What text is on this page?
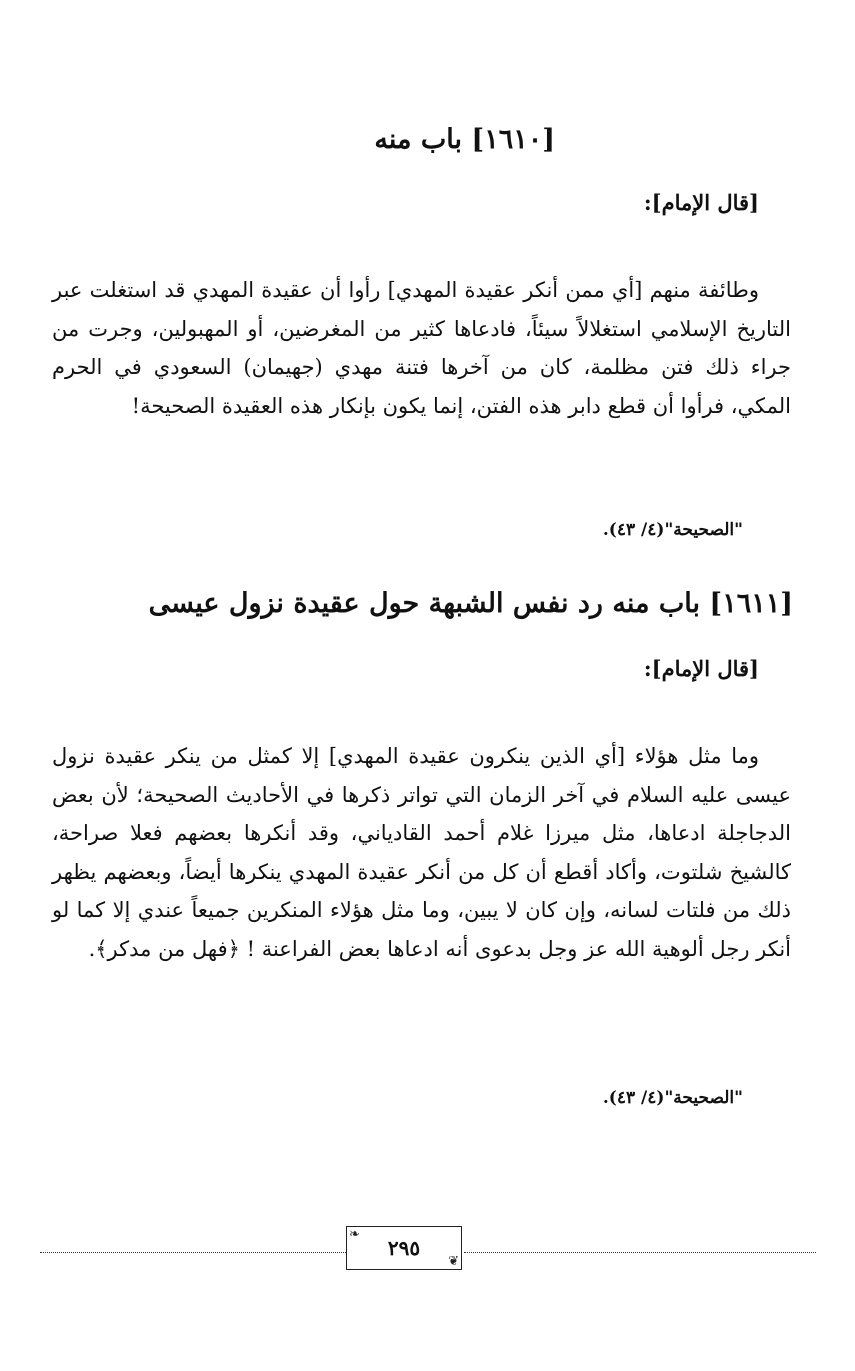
[١٦١٠] باب منه
[قال الإمام]:

وطائفة منهم [أي ممن أنكر عقيدة المهدي] رأوا أن عقيدة المهدي قد استغلت عبر التاريخ الإسلامي استغلالاً سيئاً، فادعاها كثير من المغرضين، أو المهبولين، وجرت من جراء ذلك فتن مظلمة، كان من آخرها فتنة مهدي (جهيمان) السعودي في الحرم المكي، فرأوا أن قطع دابر هذه الفتن، إنما يكون بإنكار هذه العقيدة الصحيحة!

"الصحيحة"(٤/ ٤٣).
[١٦١١] باب منه رد نفس الشبهة حول عقيدة نزول عيسى
[قال الإمام]:

وما مثل هؤلاء [أي الذين ينكرون عقيدة المهدي] إلا كمثل من ينكر عقيدة نزول عيسى عليه السلام في آخر الزمان التي تواتر ذكرها في الأحاديث الصحيحة؛ لأن بعض الدجاجلة ادعاها، مثل ميرزا غلام أحمد القادياني، وقد أنكرها بعضهم فعلا صراحة، كالشيخ شلتوت، وأكاد أقطع أن كل من أنكر عقيدة المهدي ينكرها أيضاً، وبعضهم يظهر ذلك من فلتات لسانه، وإن كان لا يبين، وما مثل هؤلاء المنكرين جميعاً عندي إلا كما لو أنكر رجل ألوهية الله عز وجل بدعوى أنه ادعاها بعض الفراعنة ! ﴿فهل من مدكر﴾.

"الصحيحة"(٤/ ٤٣).
❧
٢٩٥
❦
